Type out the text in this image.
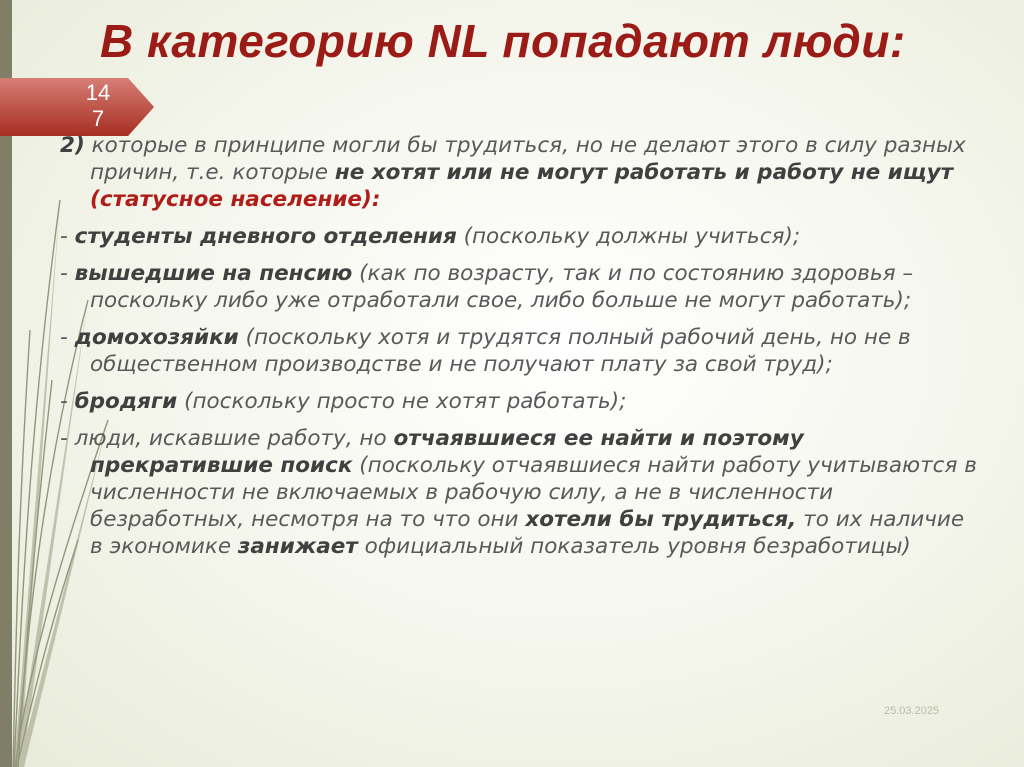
В категорию NL попадают люди:
14
7

2) которые в принципе могли бы трудиться, но не делают этого в силу разных причин, т.е. которые не хотят или не могут работать и работу не ищут (статусное население):

- студенты дневного отделения (поскольку должны учиться);

- вышедшие на пенсию (как по возрасту, так и по состоянию здоровья – поскольку либо уже отработали свое, либо больше не могут работать);

- домохозяйки (поскольку хотя и трудятся полный рабочий день, но не в общественном производстве и не получают плату за свой труд);

- бродяги (поскольку просто не хотят работать);

- люди, искавшие работу, но отчаявшиеся ее найти и поэтому прекратившие поиск (поскольку отчаявшиеся найти работу учитываются в численности не включаемых в рабочую силу, а не в численности безработных, несмотря на то что они хотели бы трудиться, то их наличие в экономике занижает официальный показатель уровня безработицы)

25.03.2025
